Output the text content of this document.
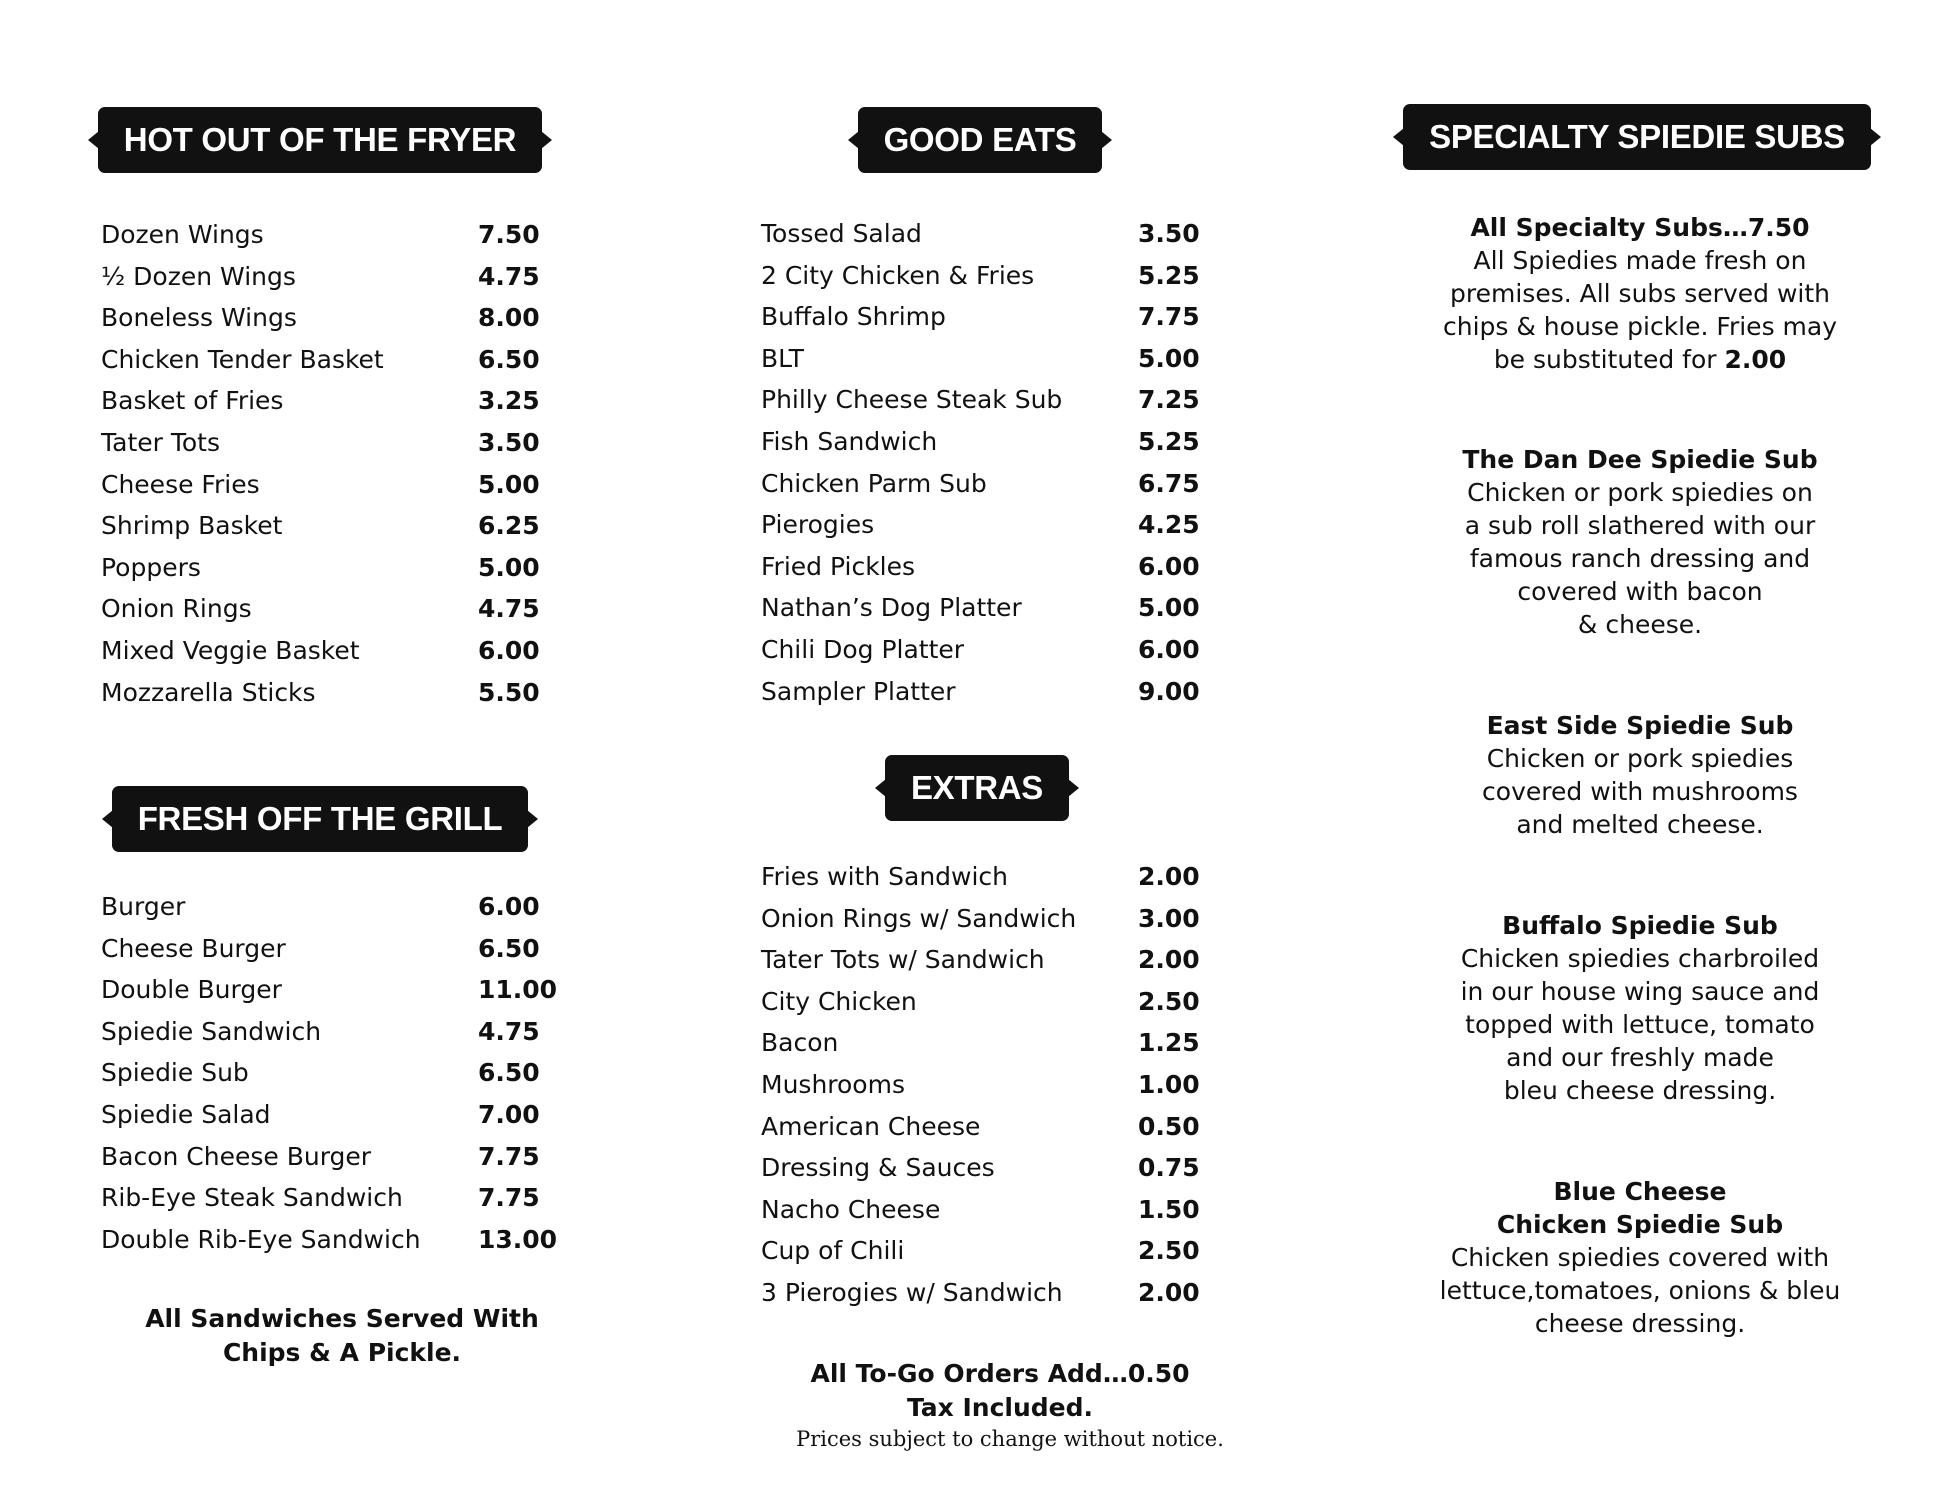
HOT OUT OF THE FRYER	GOOD EATS	SPECIALTY SPIEDIE SUBS
FRESH OFF THE GRILL
EXTRAS
Dozen Wings	7.50
½ Dozen Wings	4.75
Boneless Wings	8.00
Chicken Tender Basket	6.50
Basket of Fries	3.25
Tater Tots	3.50
Cheese Fries	5.00
Shrimp Basket	6.25
Poppers	5.00
Onion Rings	4.75
Mixed Veggie Basket	6.00
Mozzarella Sticks	5.50
Burger	6.00
Cheese Burger	6.50
Double Burger	11.00
Spiedie Sandwich	4.75
Spiedie Sub	6.50
Spiedie Salad	7.00
Bacon Cheese Burger	7.75
Rib-Eye Steak Sandwich	7.75
Double Rib-Eye Sandwich 13.00
All Sandwiches Served With
Chips & A Pickle.
Tossed Salad	3.50
2 City Chicken & Fries	5.25
Buffalo Shrimp	7.75
BLT	5.00
Philly Cheese Steak Sub	7.25
Fish Sandwich	5.25
Chicken Parm Sub	6.75
Pierogies	4.25
Fried Pickles	6.00
Nathan’s Dog Platter	5.00
Chili Dog Platter	6.00
Sampler Platter	9.00
Fries with Sandwich	2.00
Onion Rings w/ Sandwich 3.00
Tater Tots w/ Sandwich	2.00
City Chicken	2.50
Bacon	1.25
Mushrooms	1.00
American Cheese	0.50
Dressing & Sauces	0.75
Nacho Cheese	1.50
Cup of Chili	2.50
3 Pierogies w/ Sandwich	2.00
All To-Go Orders Add…0.50
Tax Included.
Prices subject to change without notice.
All Specialty Subs…7.50
All Spiedies made fresh on
premises. All subs served with
chips & house pickle. Fries may
be substituted for 2.00
The Dan Dee Spiedie Sub
Chicken or pork spiedies on
a sub roll slathered with our
famous ranch dressing and
covered with bacon
& cheese.
East Side Spiedie Sub
Chicken or pork spiedies
covered with mushrooms
and melted cheese.
Buffalo Spiedie Sub
Chicken spiedies charbroiled
in our house wing sauce and
topped with lettuce, tomato
and our freshly made
bleu cheese dressing.
Blue Cheese
Chicken Spiedie Sub
Chicken spiedies covered with
lettuce,tomatoes, onions & bleu
cheese dressing.
